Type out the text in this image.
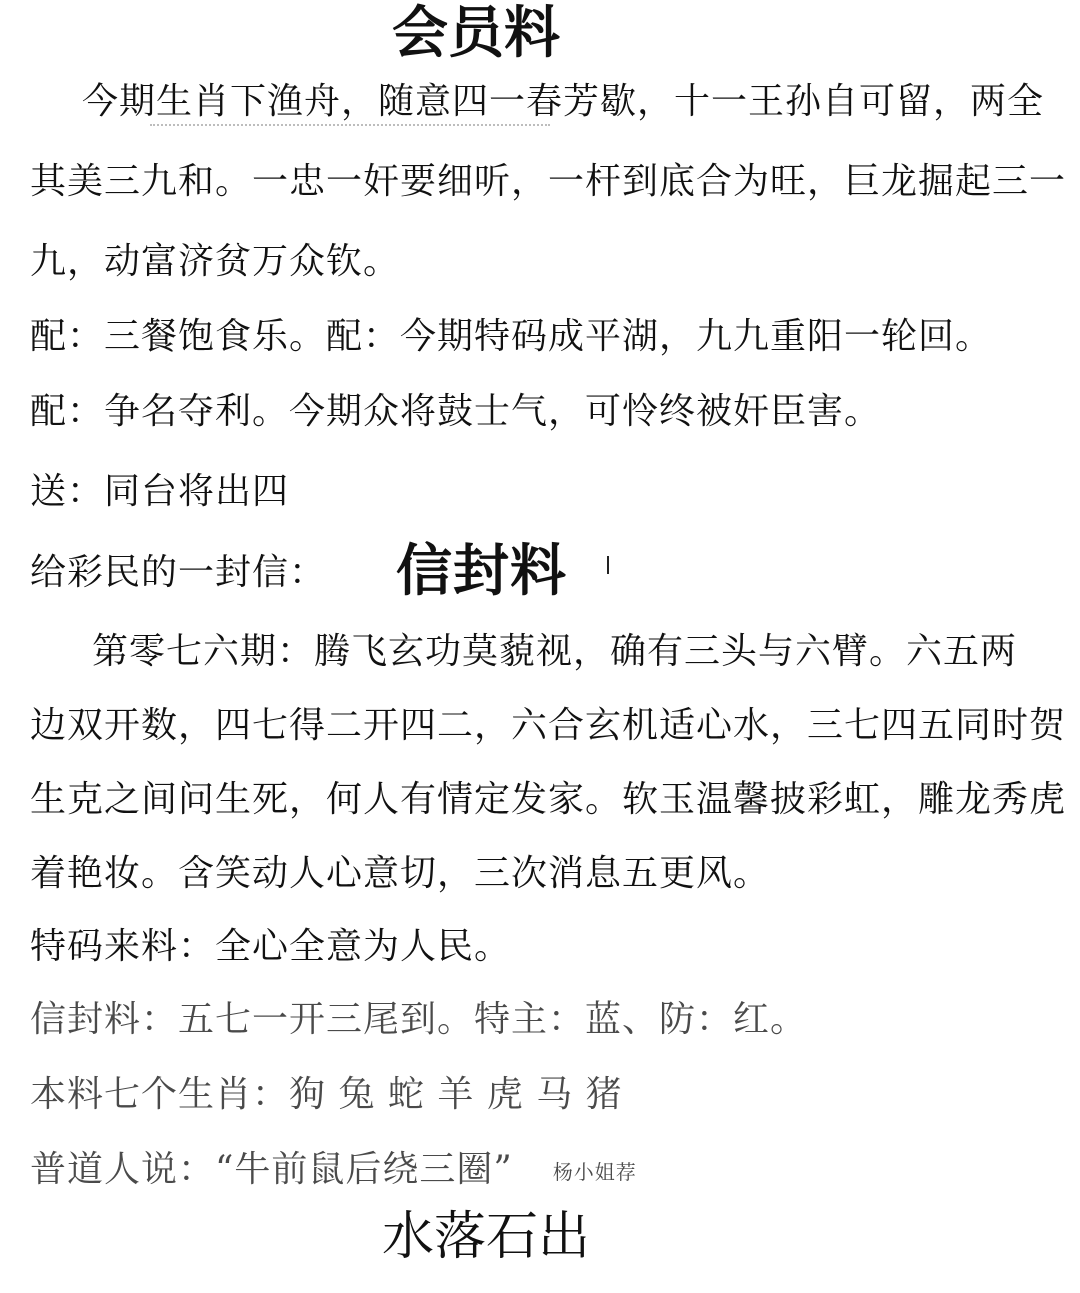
会员料
今期生肖下渔舟，随意四一春芳歇，十一王孙自可留，两全
其美三九和。一忠一奸要细听，一杆到底合为旺，巨龙掘起三一
九，动富济贫万众钦。
配：三餐饱食乐。配：今期特码成平湖，九九重阳一轮回。
配：争名夺利。今期众将鼓士气，可怜终被奸臣害。
送：同台将出四
给彩民的一封信： 信封料
第零七六期：腾飞玄功莫藐视，确有三头与六臂。六五两
边双开数，四七得二开四二，六合玄机适心水，三七四五同时贺
生克之间问生死，何人有情定发家。软玉温馨披彩虹，雕龙秀虎
着艳妆。含笑动人心意切，三次消息五更风。
特码来料：全心全意为人民。
信封料：五七一开三尾到。特主：蓝、防：红。
本料七个生肖：狗 兔 蛇 羊 虎 马 猪
普道人说：“牛前鼠后绕三圈” 杨小姐荐
水落石出
